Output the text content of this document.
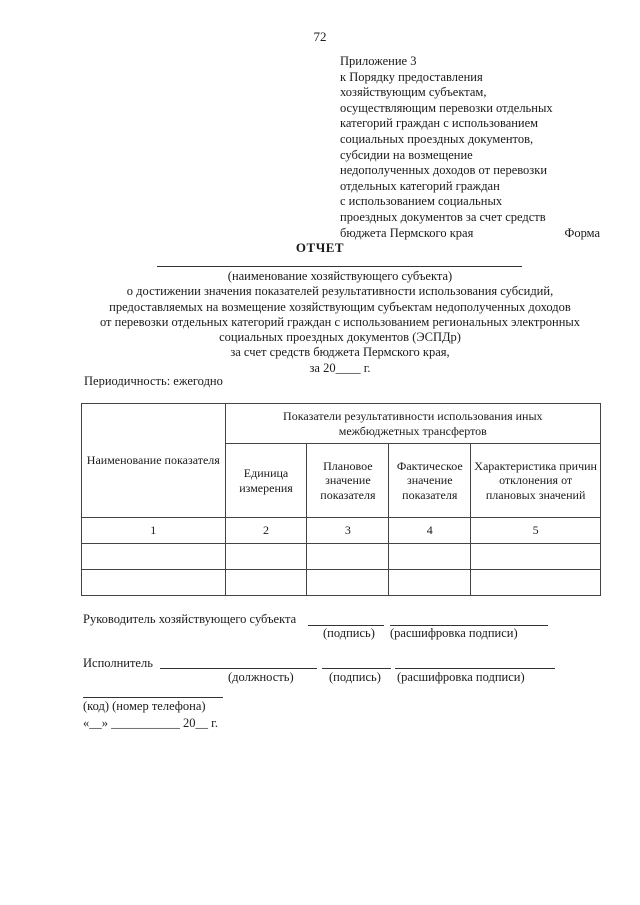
72
Приложение 3
к Порядку предоставления
хозяйствующим субъектам,
осуществляющим перевозки отдельных
категорий граждан с использованием
социальных проездных документов,
субсидии на возмещение
недополученных доходов от перевозки
отдельных категорий граждан
с использованием социальных
проездных документов за счет средств
бюджета Пермского края	Форма
ОТЧЕТ
(наименование хозяйствующего субъекта)
о достижении значения показателей результативности использования субсидий,
предоставляемых на возмещение хозяйствующим субъектам недополученных доходов
от перевозки отдельных категорий граждан с использованием региональных электронных
социальных проездных документов (ЭСПДр)
за счет средств бюджета Пермского края,
за 20____ г.
Периодичность: ежегодно
Наименование показателя	Показатели результативности использования иных межбюджетных трансфертов			
	Единица измерения	Плановое значение показателя	Фактическое значение показателя	Характеристика причин отклонения от плановых значений
1	2	3	4	5

Руководитель хозяйствующего субъекта
(подпись) (расшифровка подписи)
Исполнитель
(должность)	(подпись) (расшифровка подписи)
(код) (номер телефона)
«__» ___________ 20__ г.
